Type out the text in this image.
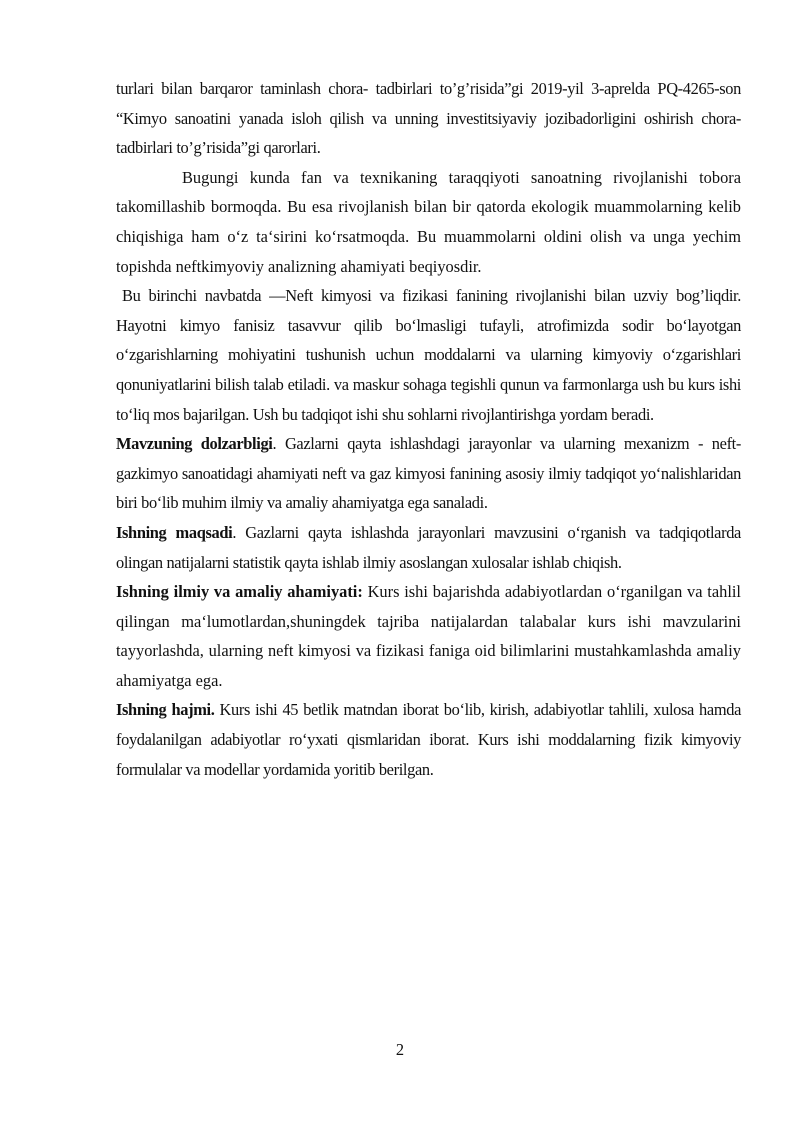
turlari bilan barqaror taminlash chora- tadbirlari to’g’risida”gi 2019-yil 3-aprelda PQ-4265-son “Kimyo sanoatini yanada isloh qilish va unning investitsiyaviy jozibadorligini oshirish chora- tadbirlari to’g’risida”gi qarorlari.

Bugungi kunda fan va texnikaning taraqqiyoti sanoatning rivojlanishi tobora takomillashib bormoqda. Bu esa rivojlanish bilan bir qatorda ekologik muammolarning kelib chiqishiga ham o‘z ta‘sirini ko‘rsatmoqda. Bu muammolarni oldini olish va unga yechim topishda neftkimyoviy analizning ahamiyati beqiyosdir.

Bu birinchi navbatda —Neft kimyosi va fizikasi fanining rivojlanishi bilan uzviy bog’liqdir. Hayotni kimyo fanisiz tasavvur qilib bo‘lmasligi tufayli, atrofimizda sodir bo‘layotgan o‘zgarishlarning mohiyatini tushunish uchun moddalarni va ularning kimyoviy o‘zgarishlari qonuniyatlarini bilish talab etiladi. va maskur sohaga tegishli qunun va farmonlarga ush bu kurs ishi to‘liq mos bajarilgan. Ush bu tadqiqot ishi shu sohlarni rivojlantirishga yordam beradi.

Mavzuning dolzarbligi. Gazlarni qayta ishlashdagi jarayonlar va ularning mexanizm - neft-gazkimyo sanoatidagi ahamiyati neft va gaz kimyosi fanining asosiy ilmiy tadqiqot yo‘nalishlaridan biri bo‘lib muhim ilmiy va amaliy ahamiyatga ega sanaladi.

Ishning maqsadi. Gazlarni qayta ishlashda jarayonlari mavzusini o‘rganish va tadqiqotlarda olingan natijalarni statistik qayta ishlab ilmiy asoslangan xulosalar ishlab chiqish.

Ishning ilmiy va amaliy ahamiyati: Kurs ishi bajarishda adabiyotlardan o‘rganilgan va tahlil qilingan ma‘lumotlardan,shuningdek tajriba natijalardan talabalar kurs ishi mavzularini tayyorlashda, ularning neft kimyosi va fizikasi faniga oid bilimlarini mustahkamlashda amaliy ahamiyatga ega.

Ishning hajmi. Kurs ishi 45 betlik matndan iborat bo‘lib, kirish, adabiyotlar tahlili, xulosa hamda foydalanilgan adabiyotlar ro‘yxati qismlaridan iborat. Kurs ishi moddalarning fizik kimyoviy formulalar va modellar yordamida yoritib berilgan.

2
